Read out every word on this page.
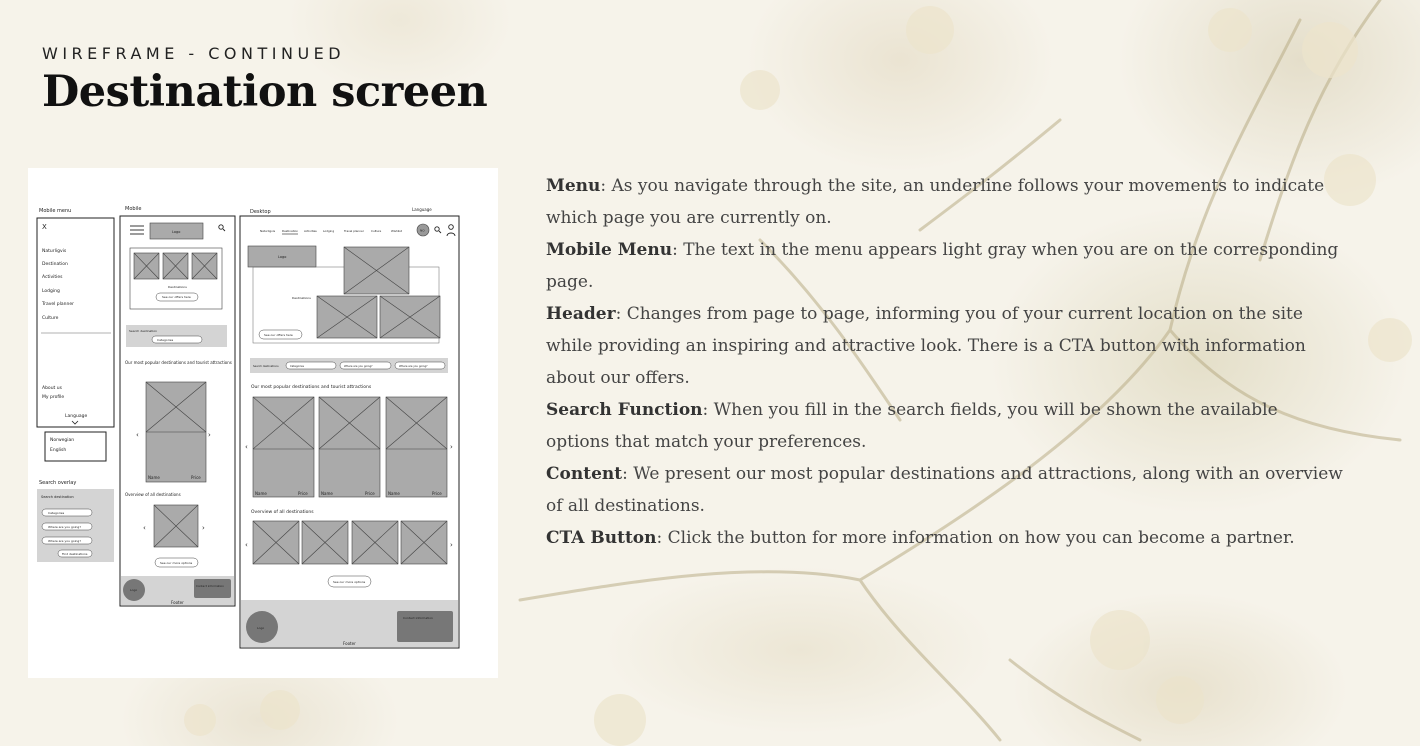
WIREFRAME - CONTINUED
Destination screen
Mobile menu
X
Naturligvis
Destination
Activities
Lodging
Travel planner
Culture
About us
My profile
Language
Norwegian
English
Search overlay
Search destination
Categories
Where are you going?
Where are you going?
Find destinations
Mobile
Logo
Destinations
See our offers here
Search destination
Categories
Our most popular destinations and tourist attractions
Name	Price
‹	›
Overview of all destinations
‹	›
See our more options
Logo
Contact information
Footer
Desktop	Language
Naturligvis Destination Activities Lodging	Travel planner	Culture	Wishlist	NO
Logo
Destinations
See our offers here
Search destinations	Categories	Where are you going?	Where are you going?
Our most popular destinations and tourist attractions
Name	Price	Name	Price	Name	Price
‹	›
Overview of all destinations
‹	›
See our more options
Logo
Contact information
Footer

Menu: As you navigate through the site, an underline follows your movements to indicate which page you are currently on.

Mobile Menu: The text in the menu appears light gray when you are on the corresponding page.

Header: Changes from page to page, informing you of your current location on the site while providing an inspiring and attractive look. There is a CTA button with information about our offers.

Search Function: When you fill in the search fields, you will be shown the available options that match your preferences.

Content: We present our most popular destinations and attractions, along with an overview of all destinations.

CTA Button: Click the button for more information on how you can become a partner.
